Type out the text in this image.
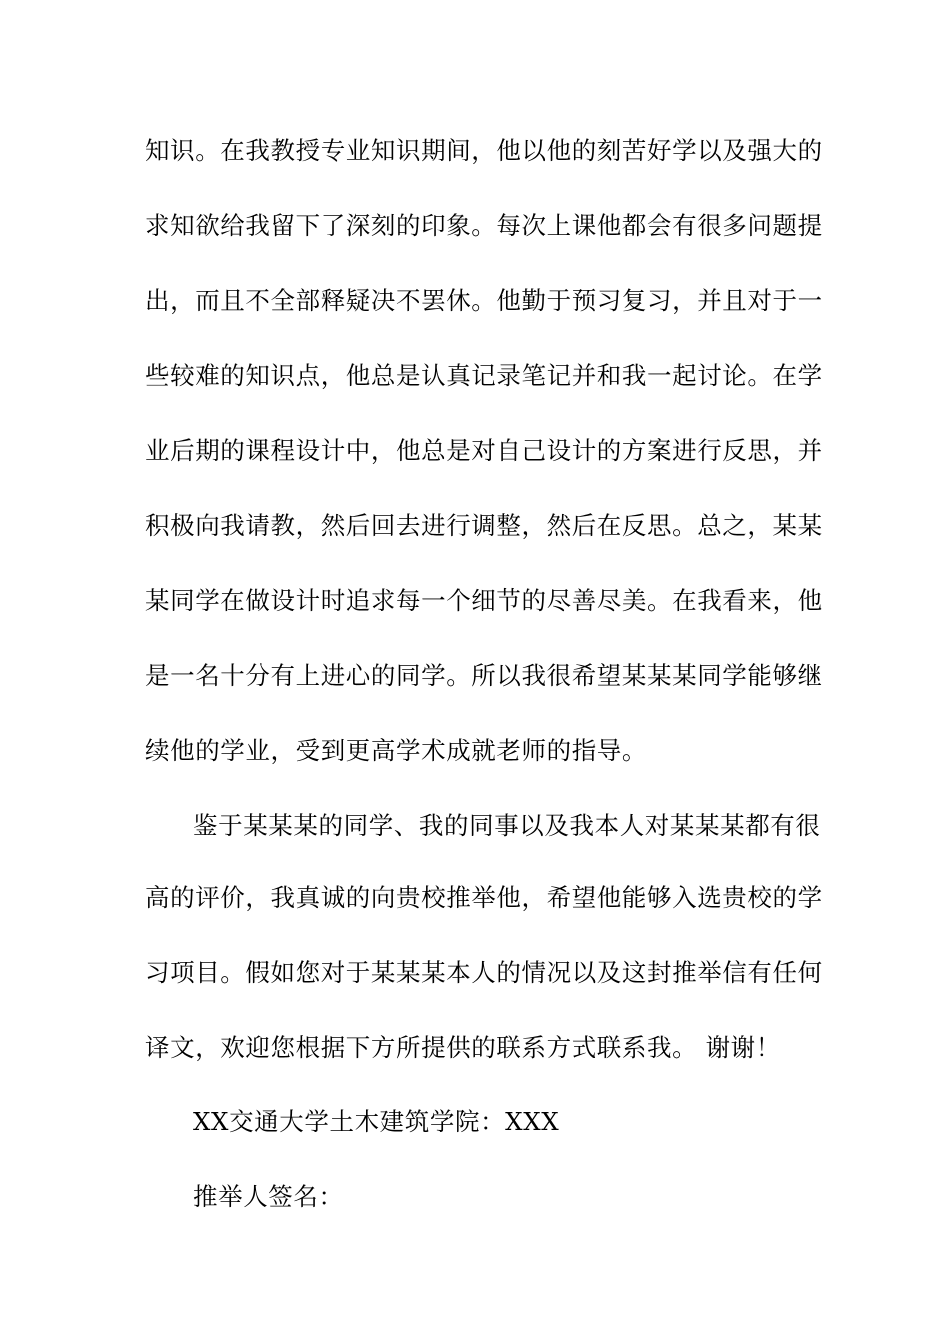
知识。在我教授专业知识期间，他以他的刻苦好学以及强大的
求知欲给我留下了深刻的印象。每次上课他都会有很多问题提
出，而且不全部释疑决不罢休。他勤于预习复习，并且对于一
些较难的知识点，他总是认真记录笔记并和我一起讨论。在学
业后期的课程设计中，他总是对自己设计的方案进行反思，并
积极向我请教，然后回去进行调整，然后在反思。总之，某某
某同学在做设计时追求每一个细节的尽善尽美。在我看来，他
是一名十分有上进心的同学。所以我很希望某某某同学能够继
续他的学业，受到更高学术成就老师的指导。
鉴于某某某的同学、我的同事以及我本人对某某某都有很
高的评价，我真诚的向贵校推举他，希望他能够入选贵校的学
习项目。假如您对于某某某本人的情况以及这封推举信有任何
译文，欢迎您根据下方所提供的联系方式联系我。 谢谢！
XX交通大学土木建筑学院：XXX
推举人签名：
